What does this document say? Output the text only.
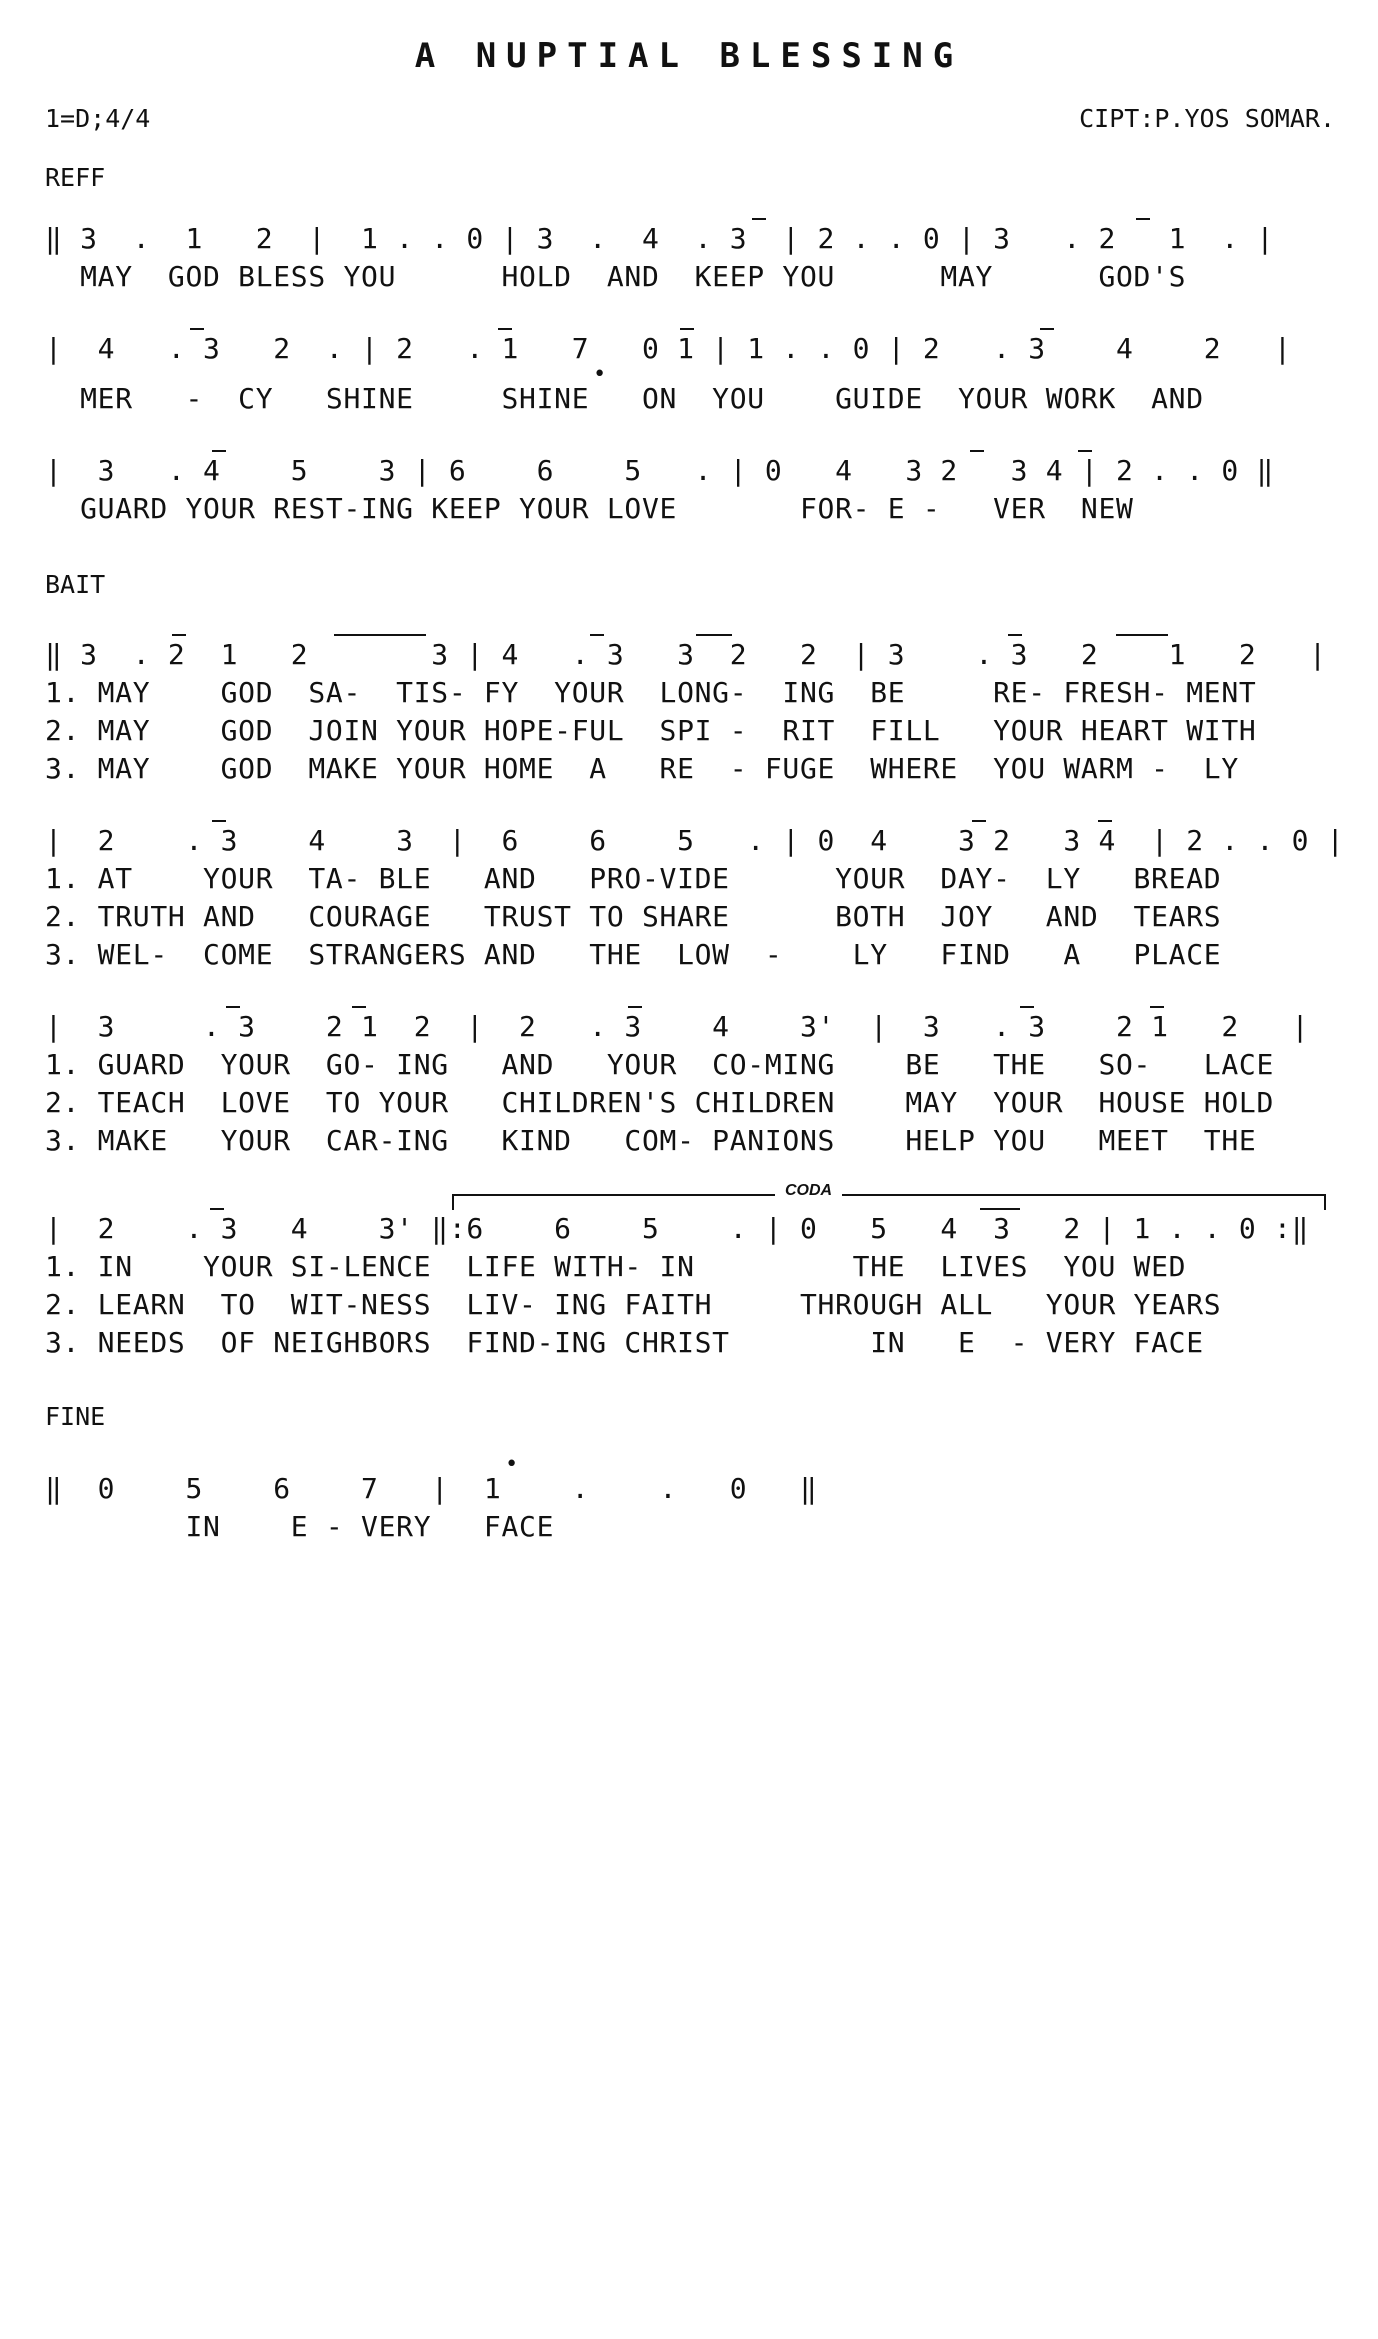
A NUPTIAL BLESSING
1=D;4/4	CIPT:P.YOS SOMAR.
REFF
‖ 3  .  1   2  |  1 . . 0 | 3  .  4  . 3  | 2 . . 0 | 3   . 2   1  . |
MAY  GOD BLESS YOU      HOLD  AND  KEEP YOU      MAY      GOD'S
|  4   . 3   2  . | 2   . 1   7   0 1 | 1 . . 0 | 2   . 3    4    2   |
MER   -  CY   SHINE     SHINE   ON  YOU    GUIDE  YOUR WORK  AND
|  3   . 4    5    3 | 6    6    5   . | 0   4   3 2   3 4 | 2 . . 0 ‖
GUARD YOUR REST-ING KEEP YOUR LOVE       FOR- E -   VER  NEW
BAIT
‖ 3  . 2  1   2       3 | 4   . 3   3  2   2  | 3    . 3   2    1   2   |
1. MAY    GOD  SA-  TIS- FY  YOUR  LONG-  ING  BE     RE- FRESH- MENT
2. MAY    GOD  JOIN YOUR HOPE-FUL  SPI -  RIT  FILL   YOUR HEART WITH
3. MAY    GOD  MAKE YOUR HOME  A   RE  - FUGE  WHERE  YOU WARM -  LY
|  2    . 3    4    3  |  6    6    5   . | 0  4    3 2   3 4  | 2 . . 0 |
1. AT    YOUR  TA- BLE   AND   PRO-VIDE      YOUR  DAY-  LY   BREAD
2. TRUTH AND   COURAGE   TRUST TO SHARE      BOTH  JOY   AND  TEARS
3. WEL-  COME  STRANGERS AND   THE  LOW  -    LY   FIND   A   PLACE
|  3     . 3    2 1  2  |  2   . 3    4    3'  |  3   . 3    2 1   2   |
1. GUARD  YOUR  GO- ING   AND   YOUR  CO-MING    BE   THE   SO-   LACE
2. TEACH  LOVE  TO YOUR   CHILDREN'S CHILDREN    MAY  YOUR  HOUSE HOLD
3. MAKE   YOUR  CAR-ING   KIND   COM- PANIONS    HELP YOU   MEET  THE
CODA
|  2    . 3   4    3' ‖:6    6    5    . | 0   5   4  3   2 | 1 . . 0 :‖
1. IN    YOUR SI-LENCE  LIFE WITH- IN         THE  LIVES  YOU WED
2. LEARN  TO  WIT-NESS  LIV- ING FAITH     THROUGH ALL   YOUR YEARS
3. NEEDS  OF NEIGHBORS  FIND-ING CHRIST        IN   E  - VERY FACE
FINE
‖  0    5    6    7   |  1    .    .   0   ‖
IN    E - VERY   FACE
•
•
